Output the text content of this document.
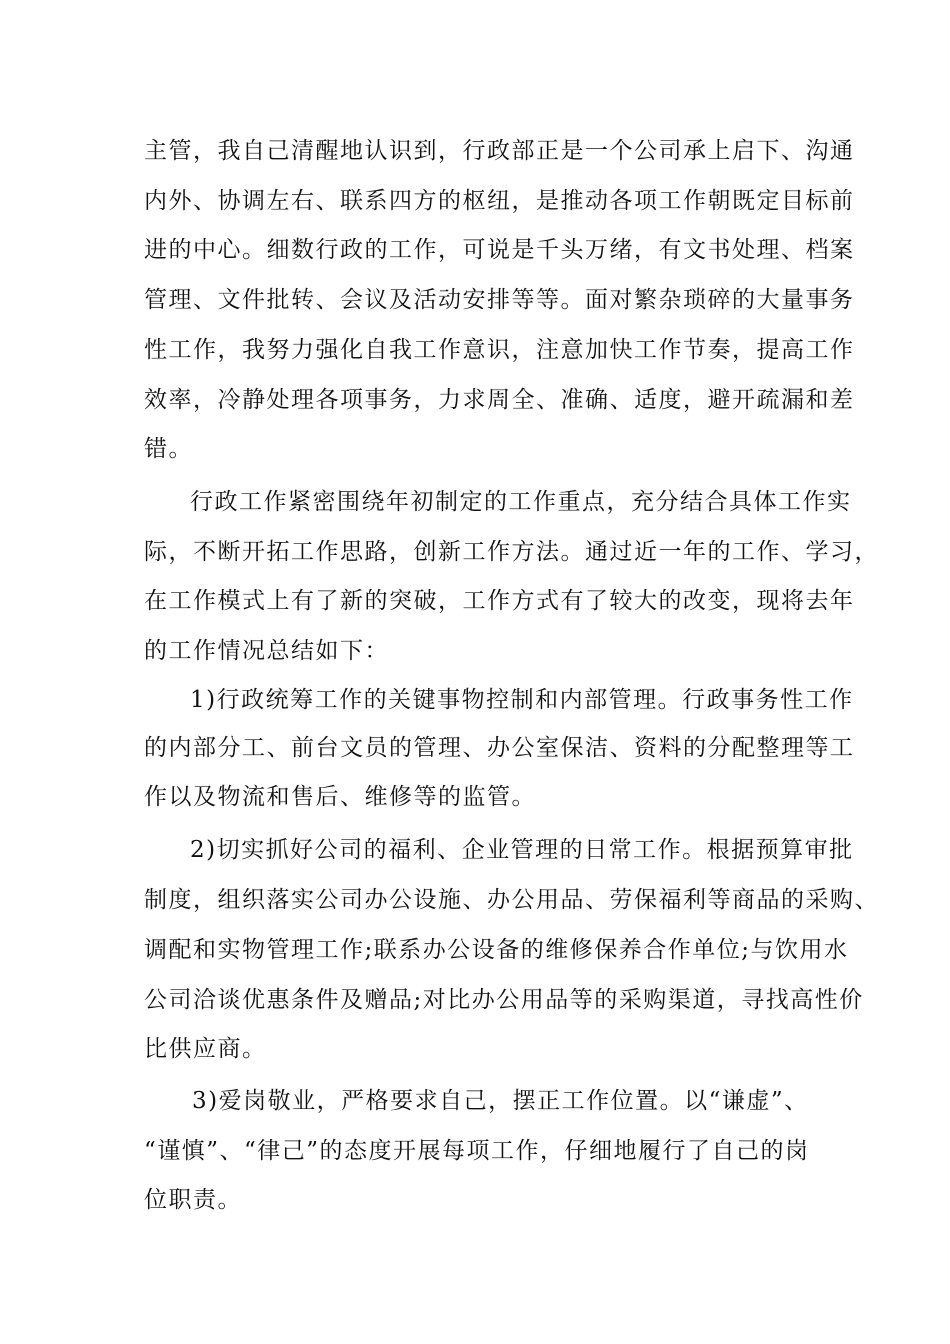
主管，我自己清醒地认识到，行政部正是一个公司承上启下、沟通
内外、协调左右、联系四方的枢纽，是推动各项工作朝既定目标前
进的中心。细数行政的工作，可说是千头万绪，有文书处理、档案
管理、文件批转、会议及活动安排等等。面对繁杂琐碎的大量事务
性工作，我努力强化自我工作意识，注意加快工作节奏，提高工作
效率，冷静处理各项事务，力求周全、准确、适度，避开疏漏和差
错。
行政工作紧密围绕年初制定的工作重点，充分结合具体工作实
际，不断开拓工作思路，创新工作方法。通过近一年的工作、学习，
在工作模式上有了新的突破，工作方式有了较大的改变，现将去年
的工作情况总结如下：
1)行政统筹工作的关键事物控制和内部管理。行政事务性工作
的内部分工、前台文员的管理、办公室保洁、资料的分配整理等工
作以及物流和售后、维修等的监管。
2)切实抓好公司的福利、企业管理的日常工作。根据预算审批
制度，组织落实公司办公设施、办公用品、劳保福利等商品的采购、
调配和实物管理工作;联系办公设备的维修保养合作单位;与饮用水
公司洽谈优惠条件及赠品;对比办公用品等的采购渠道，寻找高性价
比供应商。
3)爱岗敬业，严格要求自己，摆正工作位置。以“谦虚”、
“谨慎”、“律己”的态度开展每项工作，仔细地履行了自己的岗
位职责。
